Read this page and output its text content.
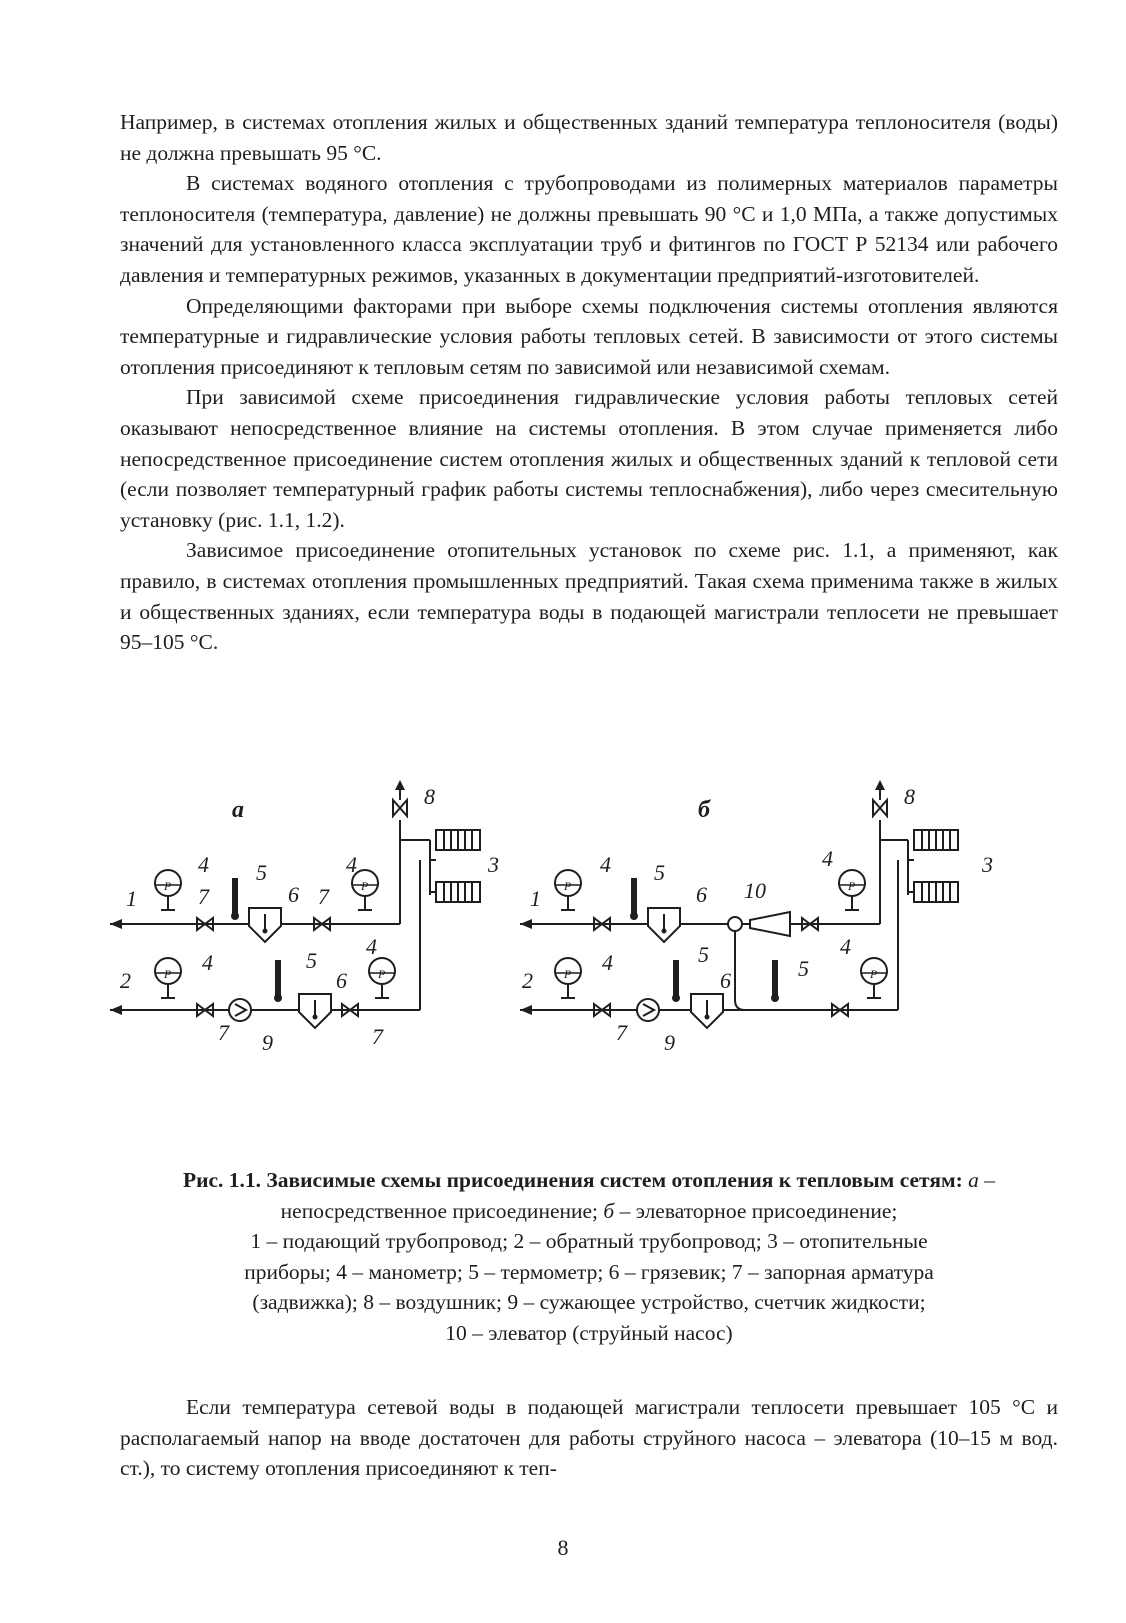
Например, в системах отопления жилых и общественных зданий температура теплоносителя (воды) не должна превышать 95 °С.

В системах водяного отопления с трубопроводами из полимерных материалов параметры теплоносителя (температура, давление) не должны превышать 90 °С и 1,0 МПа, а также допустимых значений для установленного класса эксплуатации труб и фитингов по ГОСТ Р 52134 или рабочего давления и температурных режимов, указанных в документации предприятий-изготовителей.

Определяющими факторами при выборе схемы подключения системы отопления являются температурные и гидравлические условия работы тепловых сетей. В зависимости от этого системы отопления присоединяют к тепловым сетям по зависимой или независимой схемам.

При зависимой схеме присоединения гидравлические условия работы тепловых сетей оказывают непосредственное влияние на системы отопления. В этом случае применяется либо непосредственное присоединение систем отопления жилых и общественных зданий к тепловой сети (если позволяет температурный график работы системы теплоснабжения), либо через смесительную установку (рис. 1.1, 1.2).

Зависимое присоединение отопительных установок по схеме рис. 1.1, а применяют, как правило, в системах отопления промышленных предприятий. Такая схема применима также в жилых и общественных зданиях, если температура воды в подающей магистрали теплосети не превышает 95–105 °С.

а
P	P
P	P
1
2
3
4	4
4
4
5
5
6
6
7	7
7	7
8
9
б
P	P
P	P
1
2
3
4	4
4
4
5
5
5
6
6
7
8
9
10
Рис. 1.1. Зависимые схемы присоединения систем отопления к тепловым сетям: а – непосредственное присоединение; б – элеваторное присоединение;
1 – подающий трубопровод; 2 – обратный трубопровод; 3 – отопительные
приборы; 4 – манометр; 5 – термометр; 6 – грязевик; 7 – запорная арматура
(задвижка); 8 – воздушник; 9 – сужающее устройство, счетчик жидкости;
10 – элеватор (струйный насос)

Если температура сетевой воды в подающей магистрали теплосети превышает 105 °С и располагаемый напор на вводе достаточен для работы струйного насоса – элеватора (10–15 м вод. ст.), то систему отопления присоединяют к теп-

8
